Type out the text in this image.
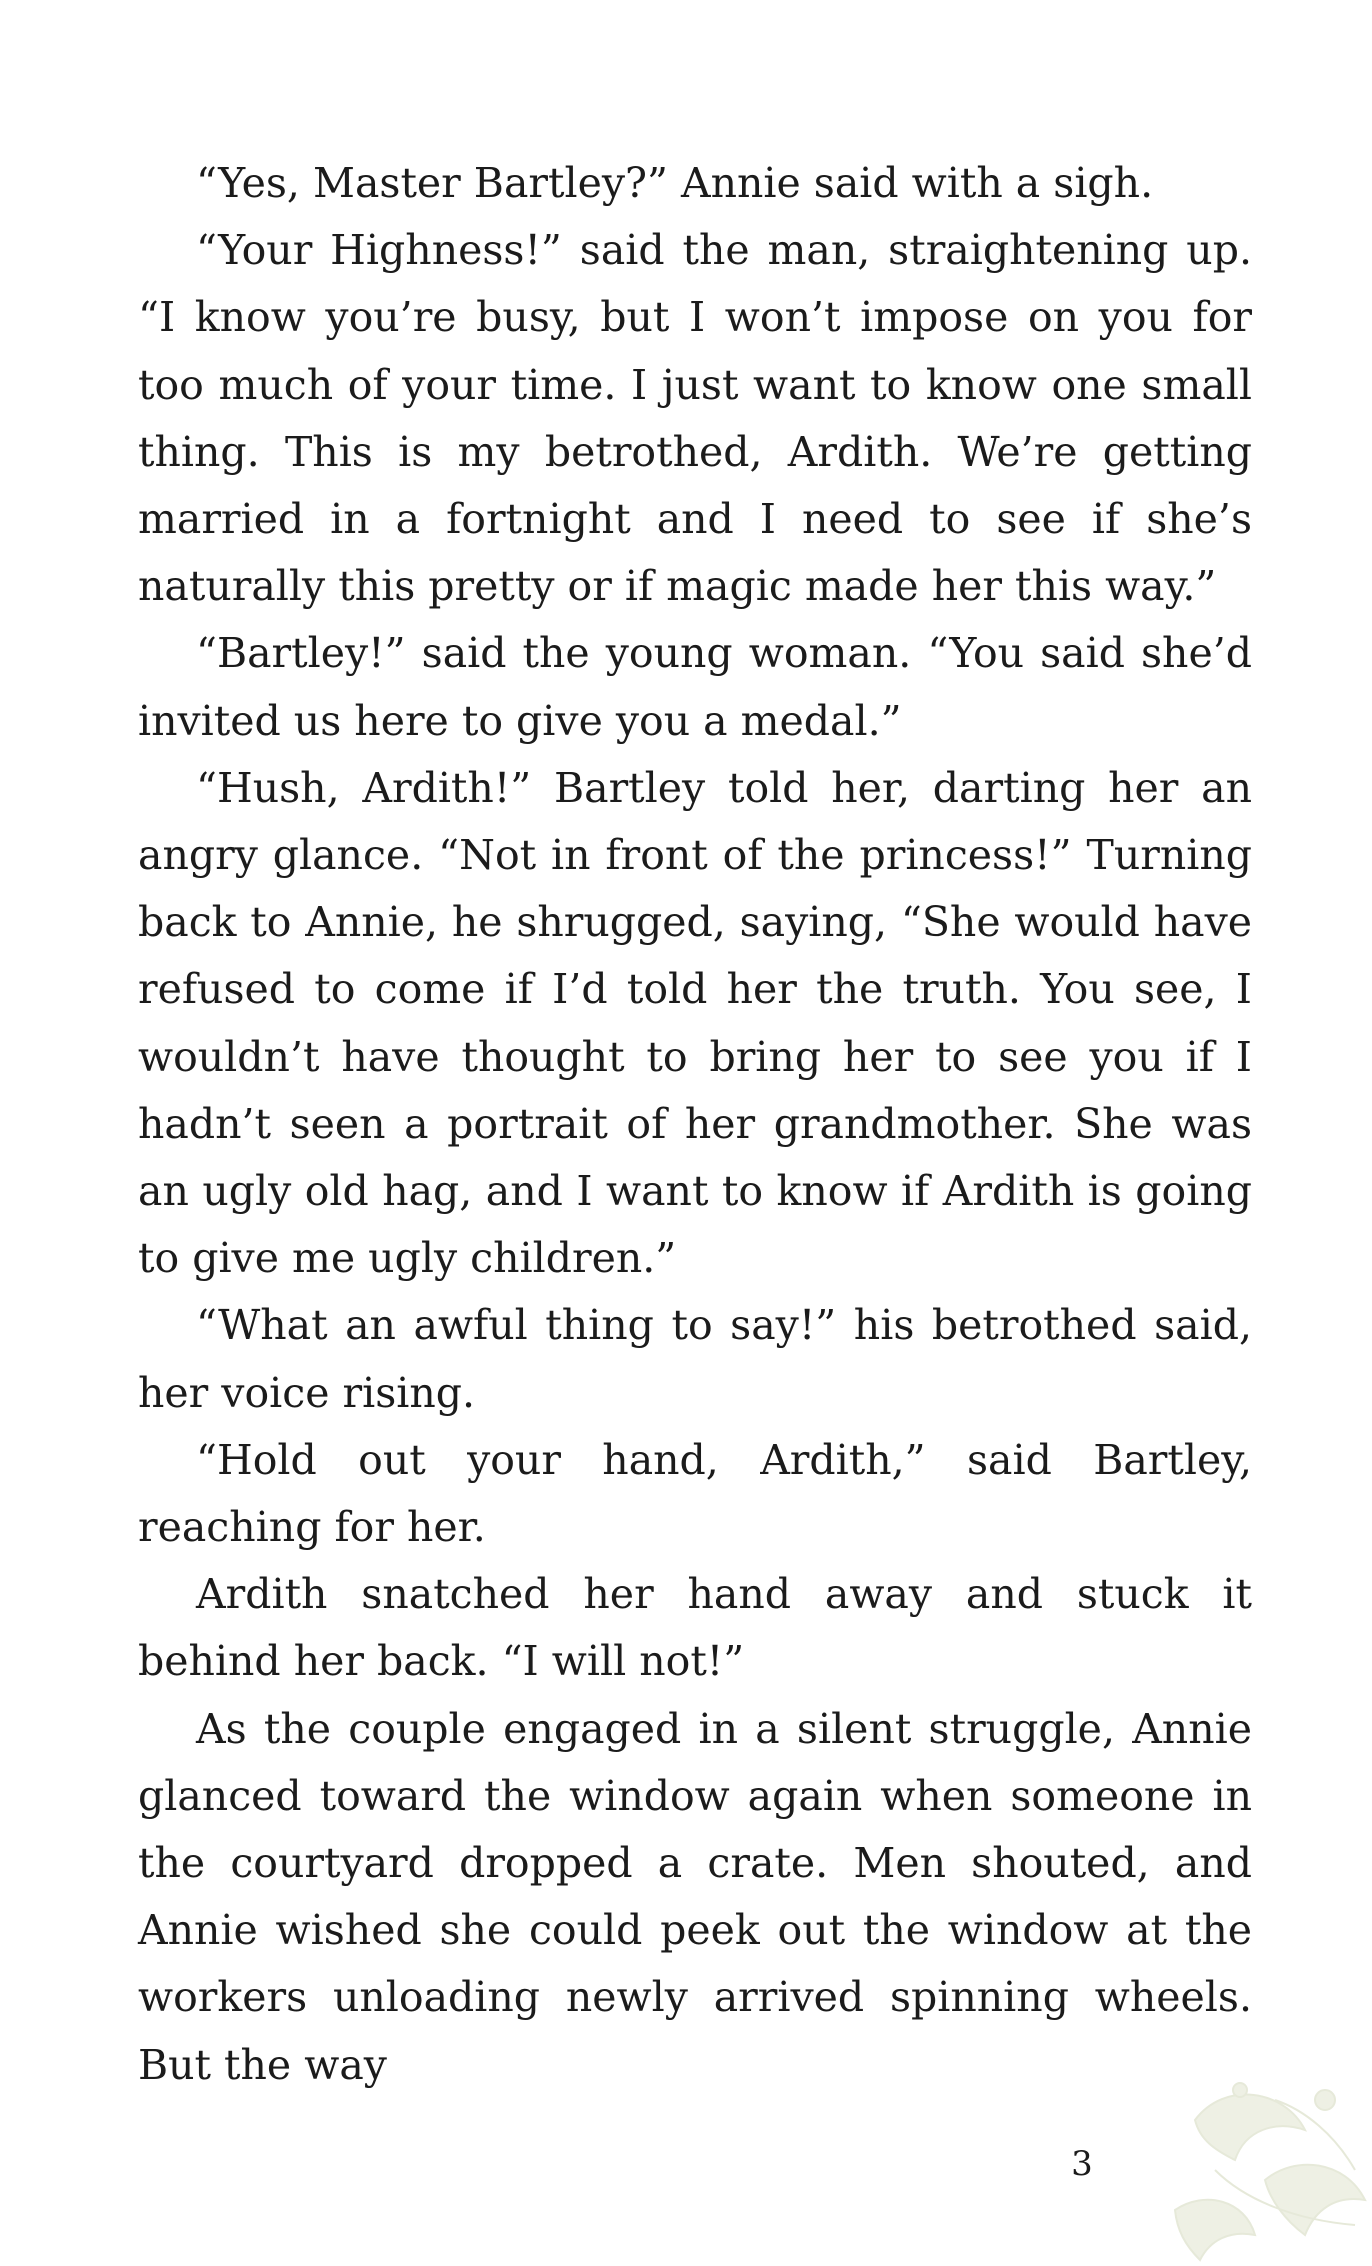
“Yes, Master Bartley?” Annie said with a sigh.

“Your Highness!” said the man, straightening up. “I know you’re busy, but I won’t impose on you for too much of your time. I just want to know one small thing. This is my betrothed, Ardith. We’re getting married in a fortnight and I need to see if she’s naturally this pretty or if magic made her this way.”

“Bartley!” said the young woman. “You said she’d invited us here to give you a medal.”

“Hush, Ardith!” Bartley told her, darting her an angry glance. “Not in front of the princess!” Turning back to Annie, he shrugged, saying, “She would have refused to come if I’d told her the truth. You see, I wouldn’t have thought to bring her to see you if I hadn’t seen a portrait of her grandmother. She was an ugly old hag, and I want to know if Ardith is going to give me ugly children.”

“What an awful thing to say!” his betrothed said, her voice rising.

“Hold out your hand, Ardith,” said Bartley, reaching for her.

Ardith snatched her hand away and stuck it behind her back. “I will not!”

As the couple engaged in a silent struggle, Annie glanced toward the window again when someone in the courtyard dropped a crate. Men shouted, and Annie wished she could peek out the window at the workers unloading newly arrived spinning wheels. But the way

3
